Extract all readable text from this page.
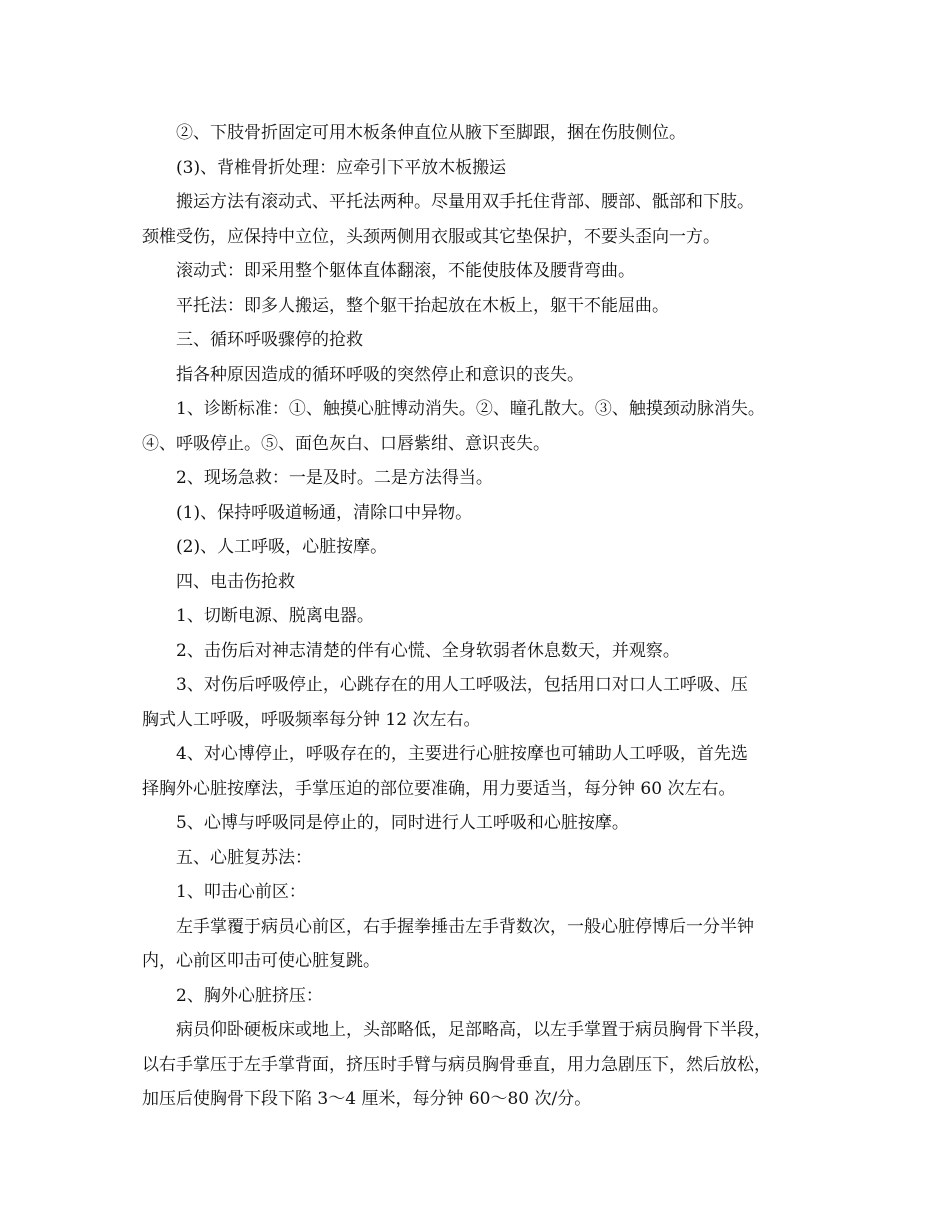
②、下肢骨折固定可用木板条伸直位从腋下至脚跟，捆在伤肢侧位。
(3)、背椎骨折处理：应牵引下平放木板搬运
搬运方法有滚动式、平托法两种。尽量用双手托住背部、腰部、骶部和下肢。
颈椎受伤，应保持中立位，头颈两侧用衣服或其它垫保护，不要头歪向一方。
滚动式：即采用整个躯体直体翻滚，不能使肢体及腰背弯曲。
平托法：即多人搬运，整个躯干抬起放在木板上，躯干不能屈曲。
三、循环呼吸骤停的抢救
指各种原因造成的循环呼吸的突然停止和意识的丧失。
1、诊断标准：①、触摸心脏博动消失。②、瞳孔散大。③、触摸颈动脉消失。
④、呼吸停止。⑤、面色灰白、口唇紫绀、意识丧失。
2、现场急救：一是及时。二是方法得当。
(1)、保持呼吸道畅通，清除口中异物。
(2)、人工呼吸，心脏按摩。
四、电击伤抢救
1、切断电源、脱离电器。
2、击伤后对神志清楚的伴有心慌、全身软弱者休息数天，并观察。
3、对伤后呼吸停止，心跳存在的用人工呼吸法，包括用口对口人工呼吸、压
胸式人工呼吸，呼吸频率每分钟 12 次左右。
4、对心博停止，呼吸存在的，主要进行心脏按摩也可辅助人工呼吸，首先选
择胸外心脏按摩法，手掌压迫的部位要准确，用力要适当，每分钟 60 次左右。
5、心博与呼吸同是停止的，同时进行人工呼吸和心脏按摩。
五、心脏复苏法：
1、叩击心前区：
左手掌覆于病员心前区，右手握拳捶击左手背数次，一般心脏停博后一分半钟
内，心前区叩击可使心脏复跳。
2、胸外心脏挤压：
病员仰卧硬板床或地上，头部略低，足部略高，以左手掌置于病员胸骨下半段，
以右手掌压于左手掌背面，挤压时手臂与病员胸骨垂直，用力急剧压下，然后放松，
加压后使胸骨下段下陷 3～4 厘米，每分钟 60～80 次/分。
